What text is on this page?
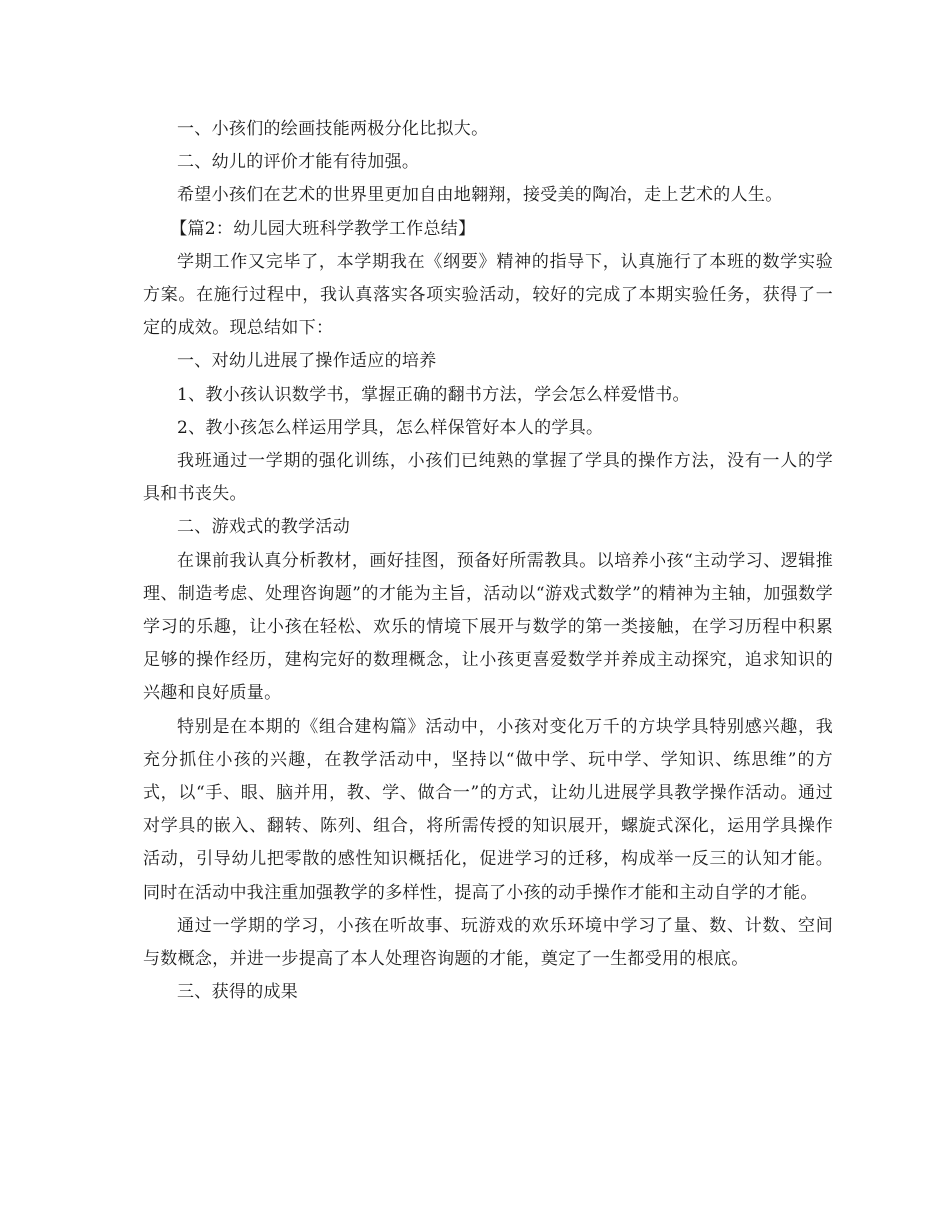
一、小孩们的绘画技能两极分化比拟大。

二、幼儿的评价才能有待加强。

希望小孩们在艺术的世界里更加自由地翱翔，接受美的陶冶，走上艺术的人生。

【篇2：幼儿园大班科学教学工作总结】

学期工作又完毕了，本学期我在《纲要》精神的指导下，认真施行了本班的数学实验方案。在施行过程中，我认真落实各项实验活动，较好的完成了本期实验任务，获得了一定的成效。现总结如下：

一、对幼儿进展了操作适应的培养

1、教小孩认识数学书，掌握正确的翻书方法，学会怎么样爱惜书。

2、教小孩怎么样运用学具，怎么样保管好本人的学具。

我班通过一学期的强化训练，小孩们已纯熟的掌握了学具的操作方法，没有一人的学具和书丧失。

二、游戏式的教学活动

在课前我认真分析教材，画好挂图，预备好所需教具。以培养小孩“主动学习、逻辑推理、制造考虑、处理咨询题”的才能为主旨，活动以“游戏式数学”的精神为主轴，加强数学学习的乐趣，让小孩在轻松、欢乐的情境下展开与数学的第一类接触，在学习历程中积累足够的操作经历，建构完好的数理概念，让小孩更喜爱数学并养成主动探究，追求知识的兴趣和良好质量。

特别是在本期的《组合建构篇》活动中，小孩对变化万千的方块学具特别感兴趣，我充分抓住小孩的兴趣，在教学活动中，坚持以“做中学、玩中学、学知识、练思维”的方式，以“手、眼、脑并用，教、学、做合一”的方式，让幼儿进展学具教学操作活动。通过对学具的嵌入、翻转、陈列、组合，将所需传授的知识展开，螺旋式深化，运用学具操作活动，引导幼儿把零散的感性知识概括化，促进学习的迁移，构成举一反三的认知才能。同时在活动中我注重加强教学的多样性，提高了小孩的动手操作才能和主动自学的才能。

通过一学期的学习，小孩在听故事、玩游戏的欢乐环境中学习了量、数、计数、空间与数概念，并进一步提高了本人处理咨询题的才能，奠定了一生都受用的根底。

三、获得的成果
